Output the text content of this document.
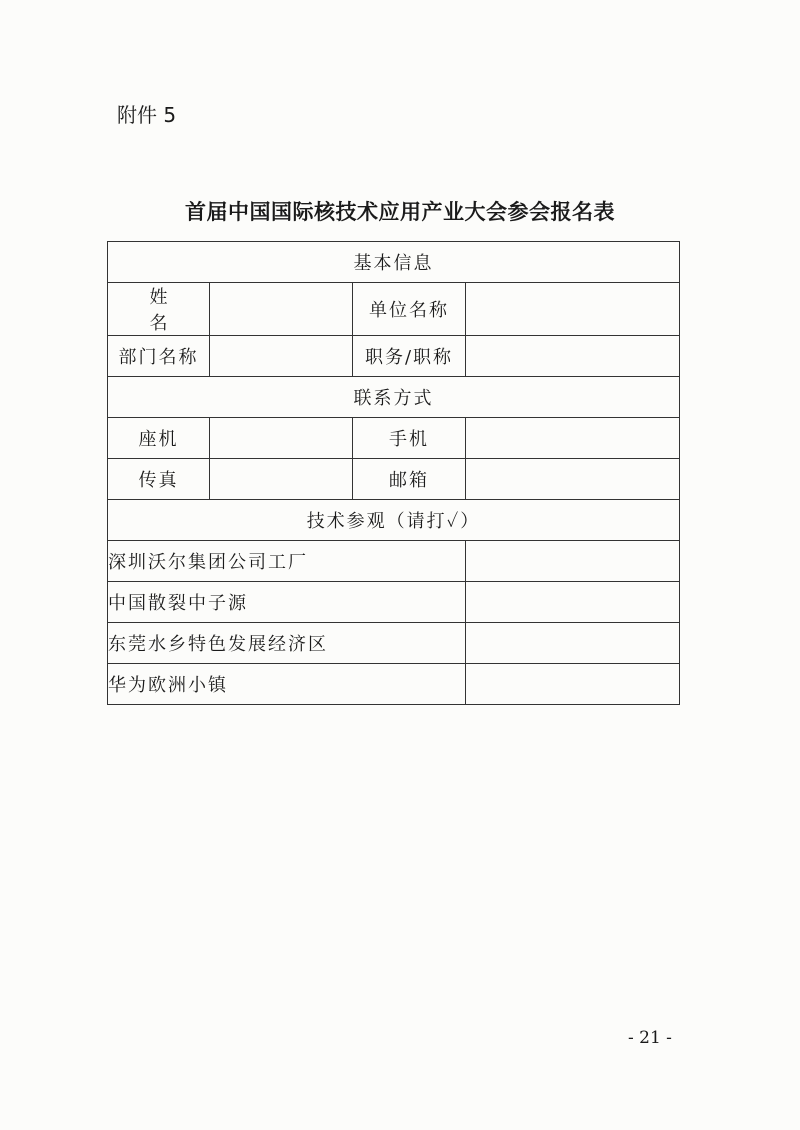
附件 5
首届中国国际核技术应用产业大会参会报名表
基本信息			
姓 名		单位名称	
部门名称		职务/职称	
联系方式			
座机		手机	
传真		邮箱	
技术参观（请打✓）			
深圳沃尔集团公司工厂			
中国散裂中子源			
东莞水乡特色发展经济区			
华为欧洲小镇			
- 21 -
